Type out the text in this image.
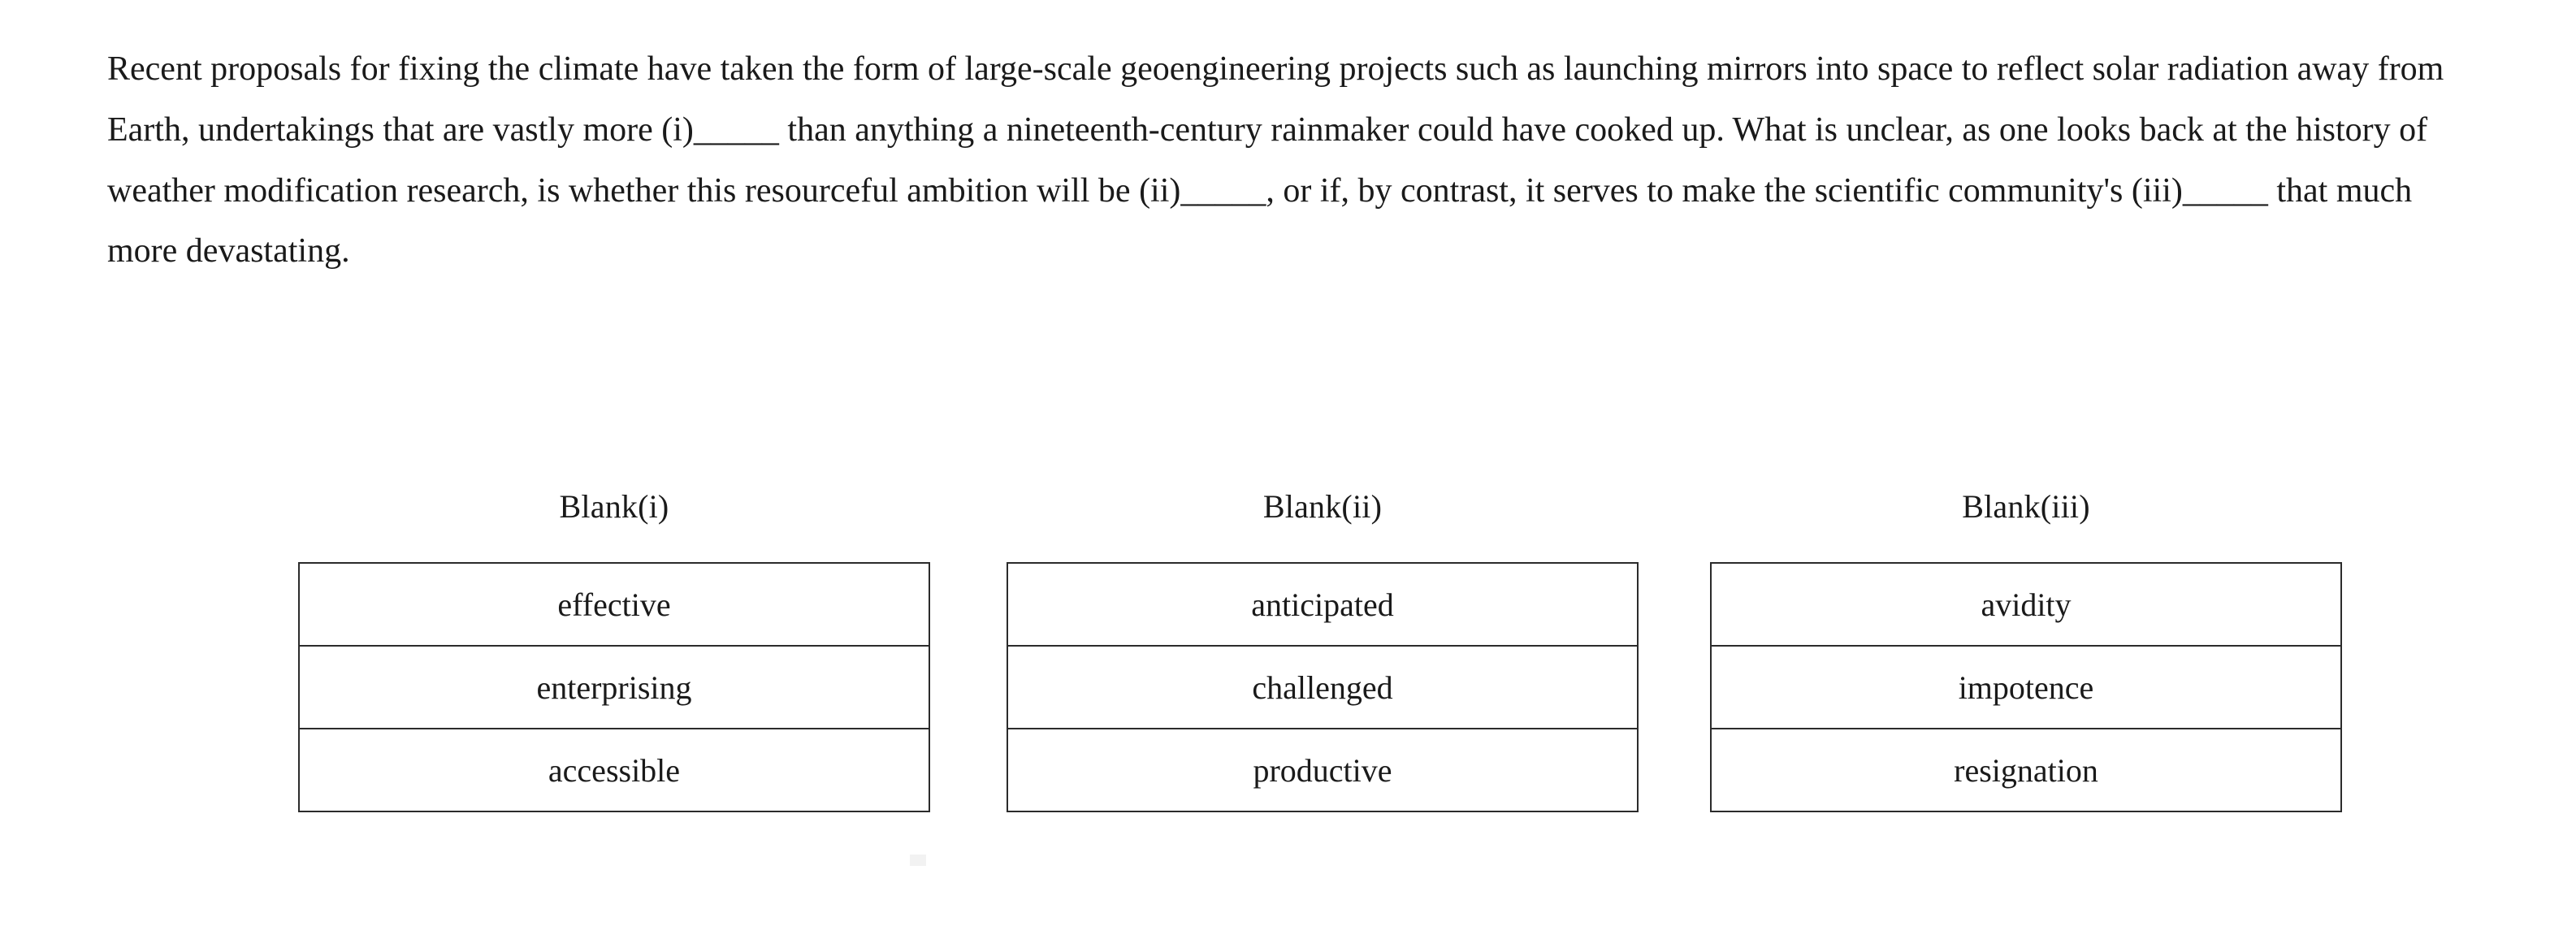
Recent proposals for fixing the climate have taken the form of large-scale geoengineering projects such as launching mirrors into space to reflect solar radiation away from Earth, undertakings that are vastly more (i)_____ than anything a nineteenth-century rainmaker could have cooked up. What is unclear, as one looks back at the history of weather modification research, is whether this resourceful ambition will be (ii)_____, or if, by contrast, it serves to make the scientific community's (iii)_____ that much more devastating.
Blank(i)
effective
enterprising
accessible
Blank(ii)
anticipated
challenged
productive
Blank(iii)
avidity
impotence
resignation
